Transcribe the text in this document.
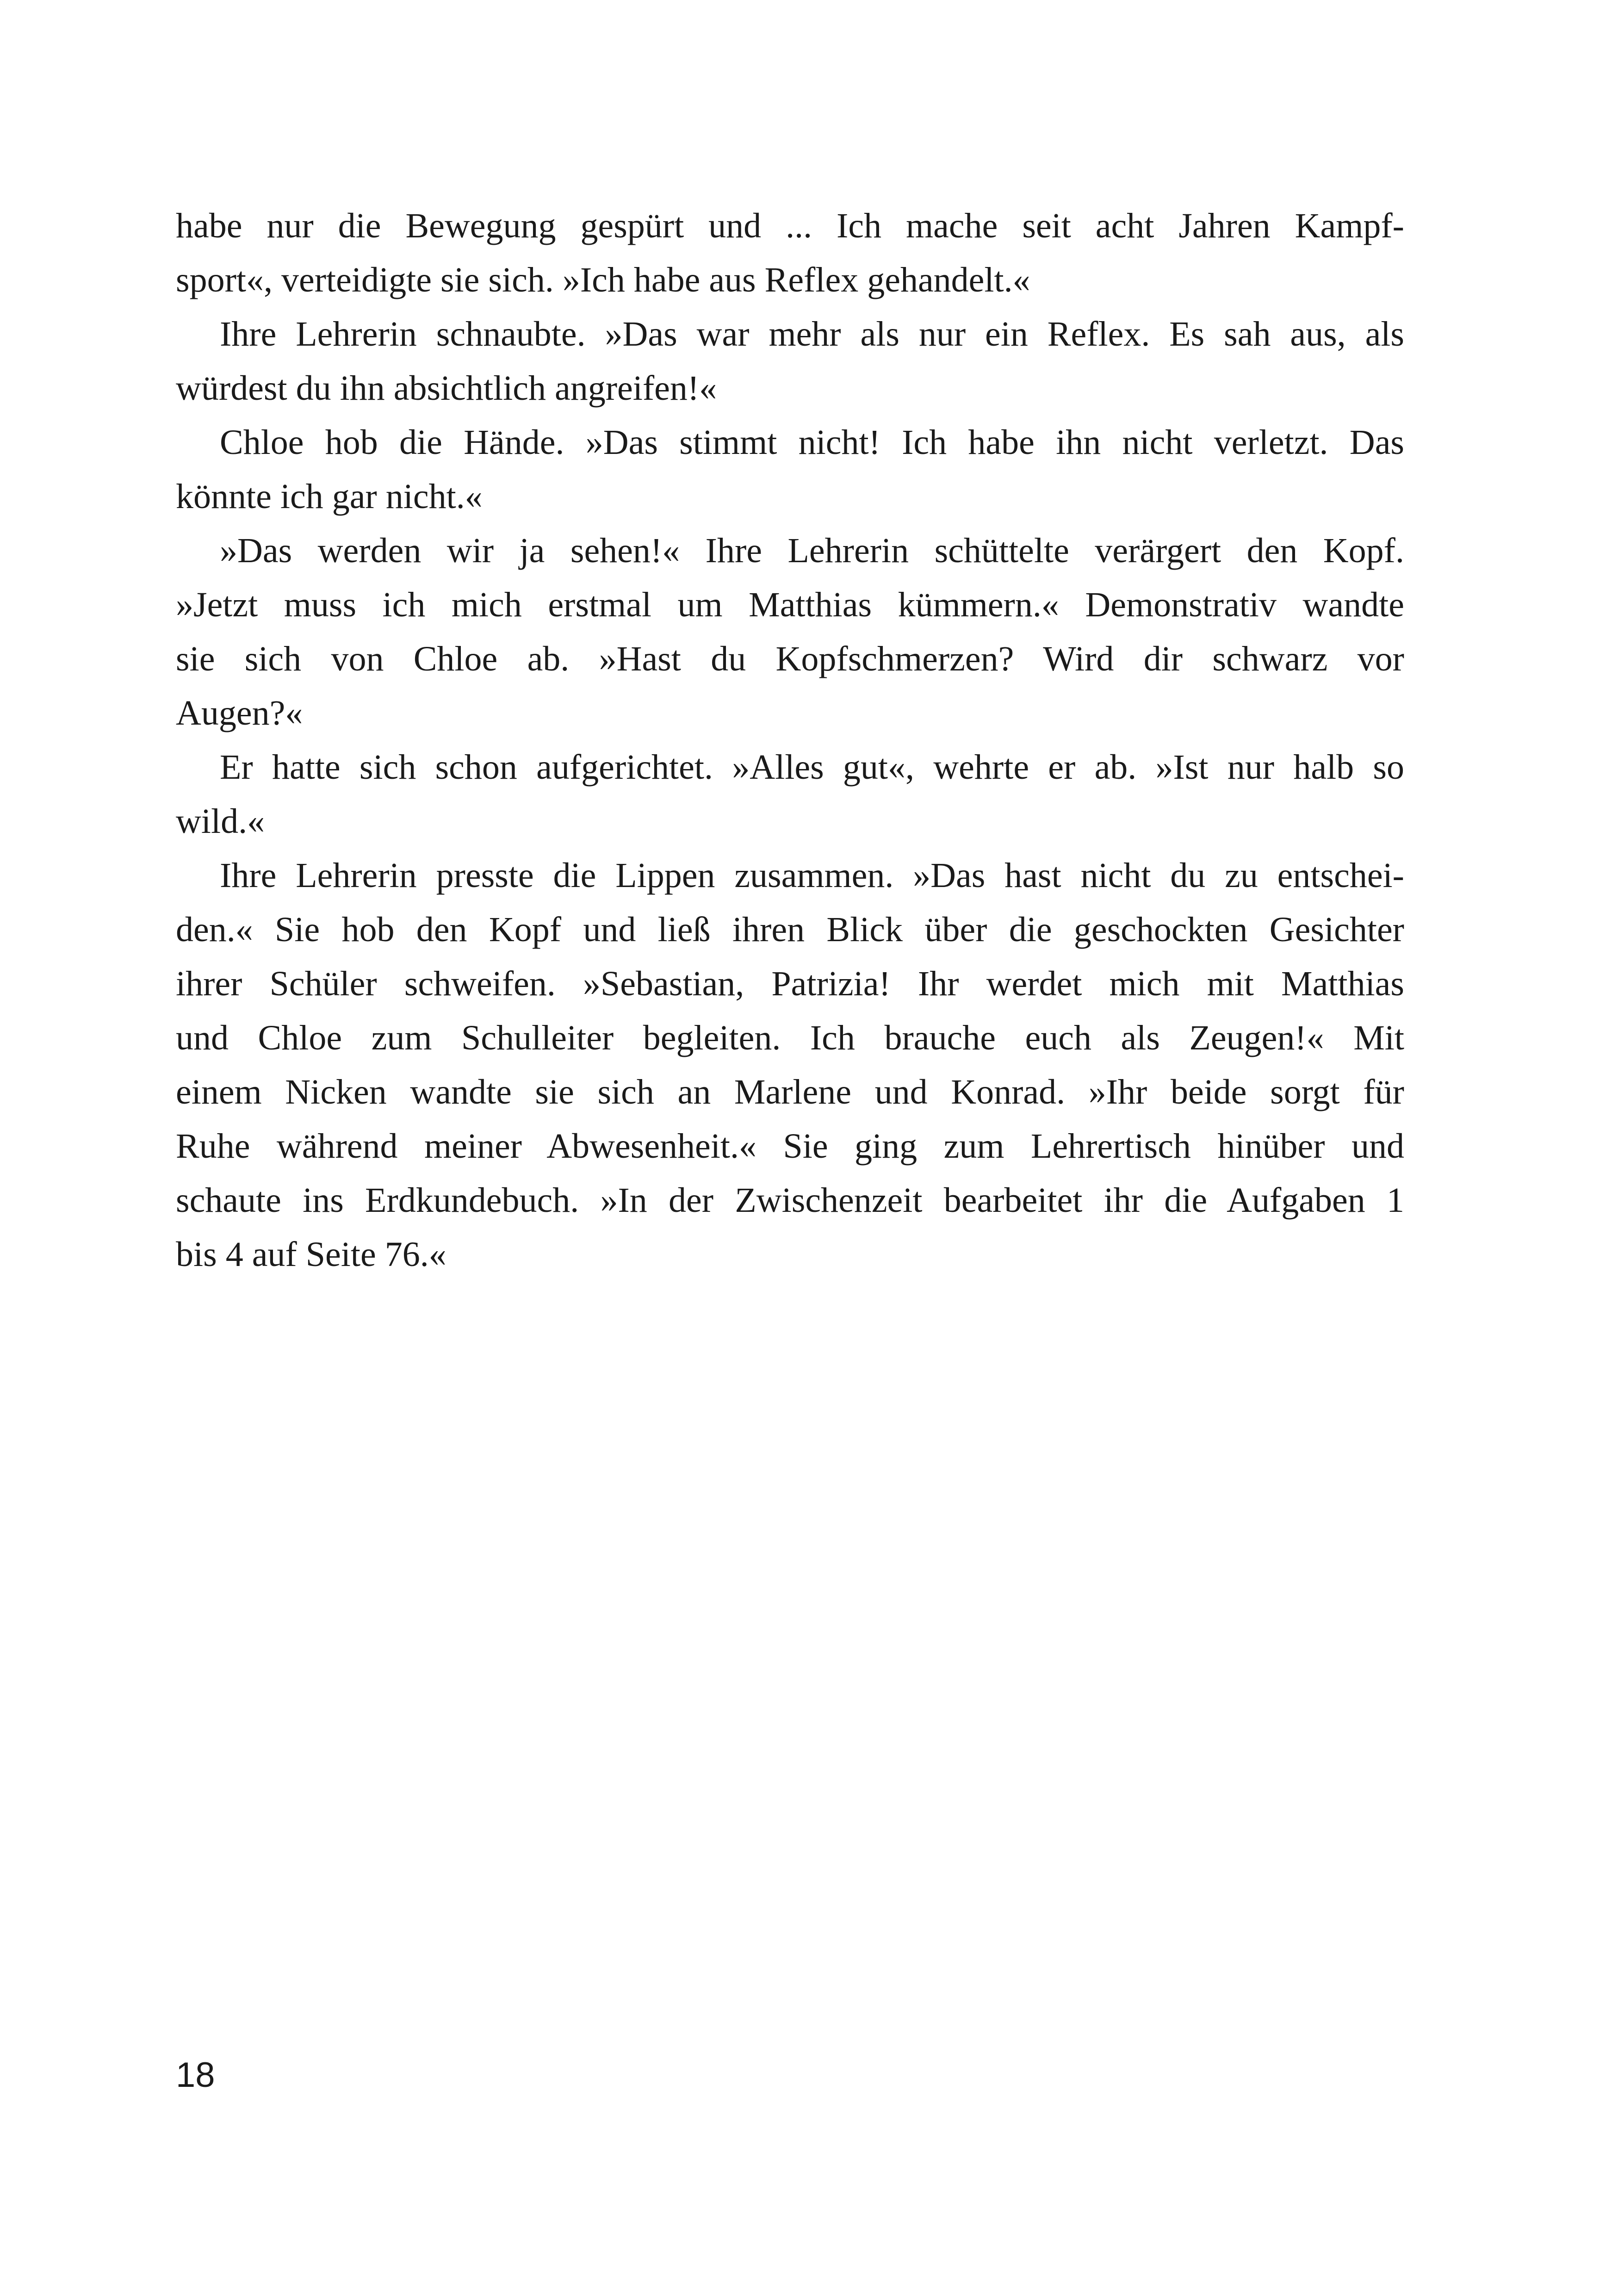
habe nur die Bewegung gespürt und ... Ich mache seit acht Jahren Kampf-
sport«, verteidigte sie sich. »Ich habe aus Reflex gehandelt.«
Ihre Lehrerin schnaubte. »Das war mehr als nur ein Reflex. Es sah aus, als
würdest du ihn absichtlich angreifen!«
Chloe hob die Hände. »Das stimmt nicht! Ich habe ihn nicht verletzt. Das
könnte ich gar nicht.«
»Das werden wir ja sehen!« Ihre Lehrerin schüttelte verärgert den Kopf.
»Jetzt muss ich mich erstmal um Matthias kümmern.« Demonstrativ wandte
sie sich von Chloe ab. »Hast du Kopfschmerzen? Wird dir schwarz vor
Augen?«
Er hatte sich schon aufgerichtet. »Alles gut«, wehrte er ab. »Ist nur halb so
wild.«
Ihre Lehrerin presste die Lippen zusammen. »Das hast nicht du zu entschei-
den.« Sie hob den Kopf und ließ ihren Blick über die geschockten Gesichter
ihrer Schüler schweifen. »Sebastian, Patrizia! Ihr werdet mich mit Matthias
und Chloe zum Schulleiter begleiten. Ich brauche euch als Zeugen!« Mit
einem Nicken wandte sie sich an Marlene und Konrad. »Ihr beide sorgt für
Ruhe während meiner Abwesenheit.« Sie ging zum Lehrertisch hinüber und
schaute ins Erdkundebuch. »In der Zwischenzeit bearbeitet ihr die Aufgaben 1
bis 4 auf Seite 76.«
18
